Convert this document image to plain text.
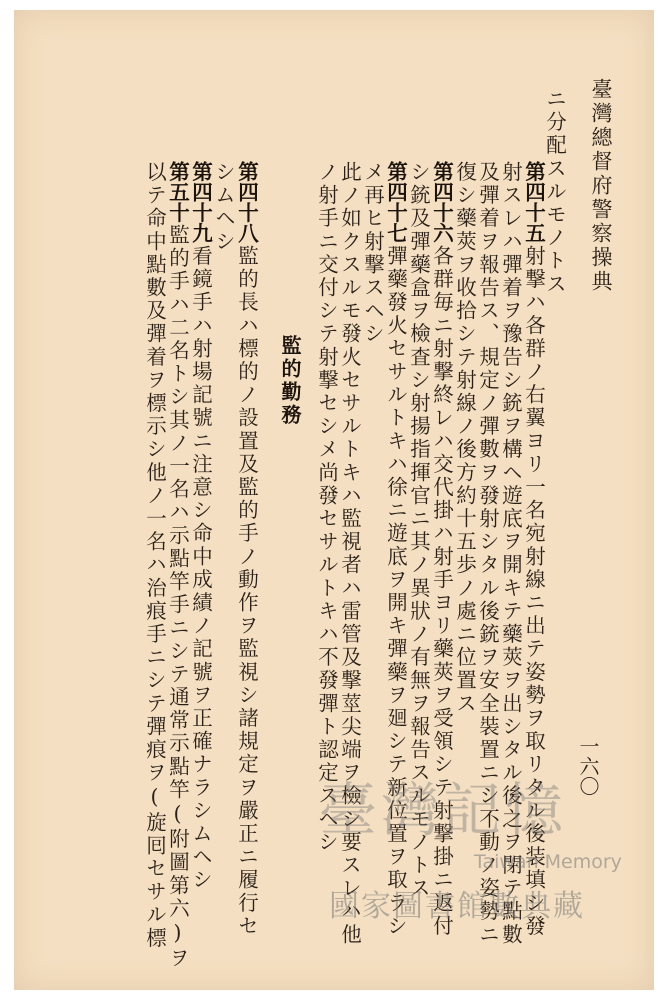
臺灣總督府警察操典
一六〇
ニ分配スルモノトス
第四十五
射撃ハ各群ノ右翼ヨリ一名宛射線ニ出テ姿勢ヲ取リタル後装填シ發
射スレハ彈着ヲ豫告シ銃ヲ構ヘ遊底ヲ開キテ藥莢ヲ出シタル後之ヲ閉テ點數
及彈着ヲ報告ス、規定ノ彈數ヲ發射シタル後銃ヲ安全裝置ニシ不動ノ姿勢ニ
復シ藥莢ヲ收拾シテ射線ノ後方約十五歩ノ處ニ位置ス
第四十六
各群毎ニ射撃終レハ交代掛ハ射手ヨリ藥莢ヲ受領シテ射撃掛ニ返付
シ銃及彈藥盒ヲ檢査シ射揚指揮官ニ其ノ異狀ノ有無ヲ報告スルモノトス
第四十七
彈藥發火セサルトキハ徐ニ遊底ヲ開キ彈藥ヲ廻シテ新位置ヲ取ラシ
メ再ヒ射撃スヘシ
此ノ如クスルモ發火セサルトキハ監視者ハ雷管及撃莖尖端ヲ檢シ要スレハ他
ノ射手ニ交付シテ射撃セシメ尚發セサルトキハ不發彈ト認定スヘシ
監的勤務
第四十八
監的長ハ標的ノ設置及監的手ノ動作ヲ監視シ諸規定ヲ嚴正ニ履行セ
シムヘシ
第四十九
看鏡手ハ射場記號ニ注意シ命中成績ノ記號ヲ正確ナラシムヘシ
第五十
監的手ハ二名トシ其ノ一名ハ示點竿手ニシテ通常示點竿(附圖第六)ヲ
以テ命中點數及彈着ヲ標示シ他ノ一名ハ治痕手ニシテ彈痕ヲ(旋囘セサル標	臺灣記憶
Taiwan Memory
國家圖書館數典藏
